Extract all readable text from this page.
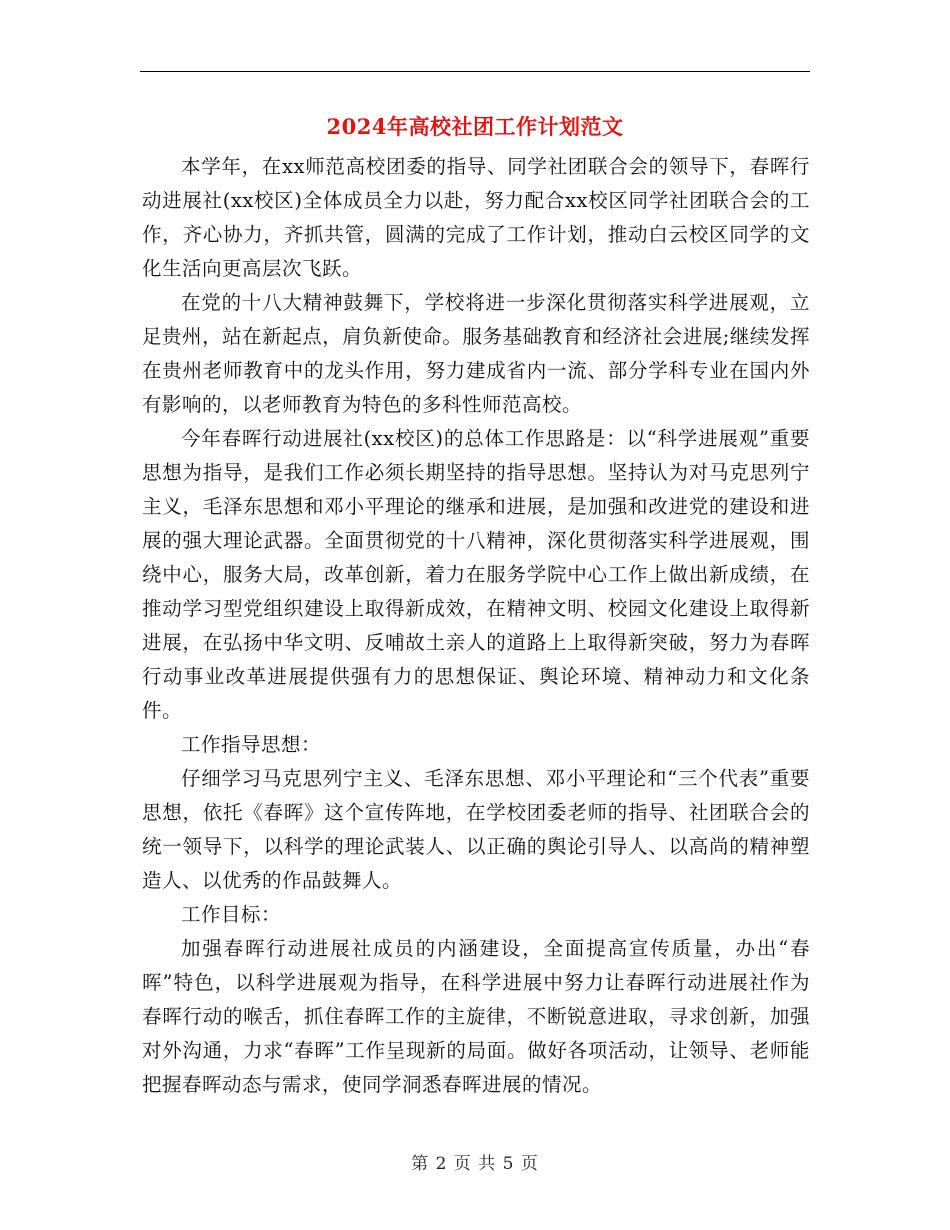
2024年高校社团工作计划范文

本学年，在xx师范高校团委的指导、同学社团联合会的领导下，春晖行动进展社(xx校区)全体成员全力以赴，努力配合xx校区同学社团联合会的工作，齐心协力，齐抓共管，圆满的完成了工作计划，推动白云校区同学的文化生活向更高层次飞跃。

在党的十八大精神鼓舞下，学校将进一步深化贯彻落实科学进展观，立足贵州，站在新起点，肩负新使命。服务基础教育和经济社会进展;继续发挥在贵州老师教育中的龙头作用，努力建成省内一流、部分学科专业在国内外有影响的，以老师教育为特色的多科性师范高校。

今年春晖行动进展社(xx校区)的总体工作思路是：以“科学进展观”重要思想为指导，是我们工作必须长期坚持的指导思想。坚持认为对马克思列宁主义，毛泽东思想和邓小平理论的继承和进展，是加强和改进党的建设和进展的强大理论武器。全面贯彻党的十八精神，深化贯彻落实科学进展观，围绕中心，服务大局，改革创新，着力在服务学院中心工作上做出新成绩，在推动学习型党组织建设上取得新成效，在精神文明、校园文化建设上取得新进展，在弘扬中华文明、反哺故土亲人的道路上上取得新突破，努力为春晖行动事业改革进展提供强有力的思想保证、舆论环境、精神动力和文化条件。

工作指导思想：

仔细学习马克思列宁主义、毛泽东思想、邓小平理论和“三个代表”重要思想，依托《春晖》这个宣传阵地，在学校团委老师的指导、社团联合会的统一领导下，以科学的理论武装人、以正确的舆论引导人、以高尚的精神塑造人、以优秀的作品鼓舞人。

工作目标：

加强春晖行动进展社成员的内涵建设，全面提高宣传质量，办出“春晖”特色，以科学进展观为指导，在科学进展中努力让春晖行动进展社作为春晖行动的喉舌，抓住春晖工作的主旋律，不断锐意进取，寻求创新，加强对外沟通，力求“春晖”工作呈现新的局面。做好各项活动，让领导、老师能把握春晖动态与需求，使同学洞悉春晖进展的情况。

第 2 页 共 5 页
